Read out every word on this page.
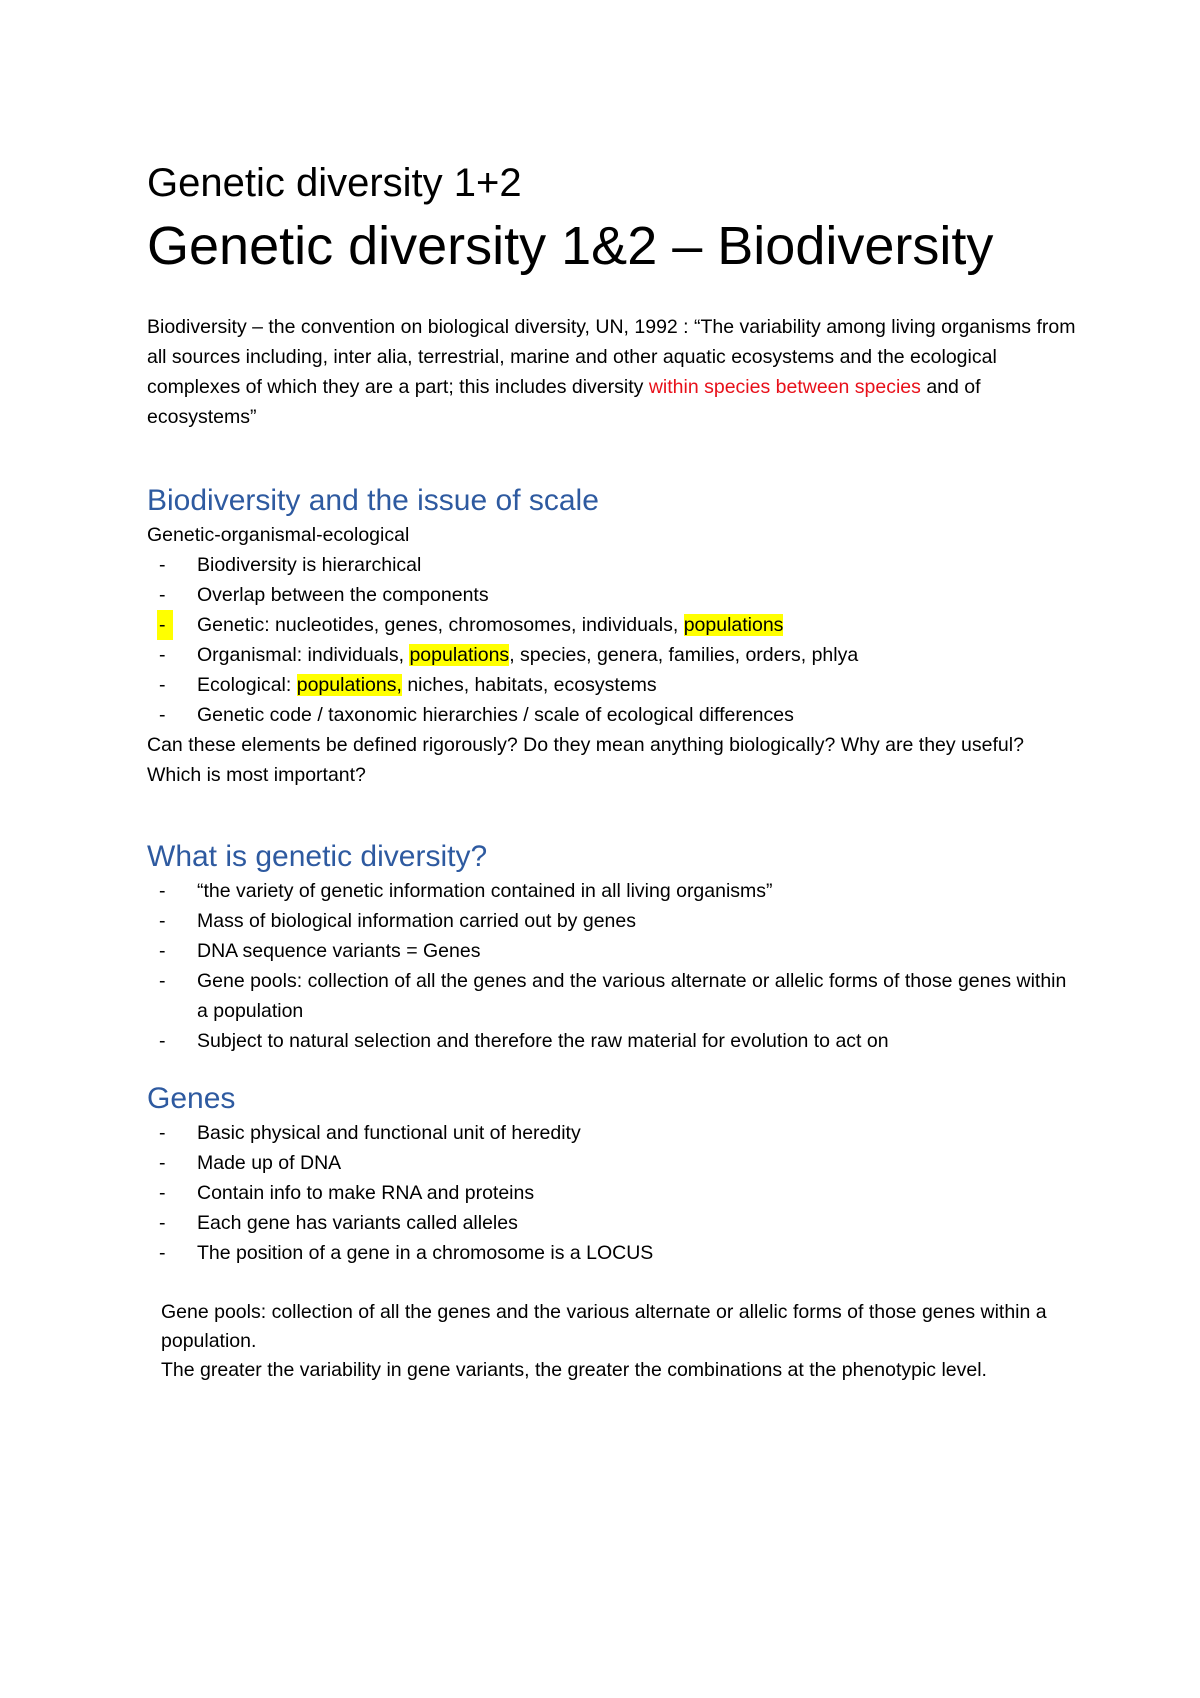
Genetic diversity 1+2
Genetic diversity 1&2 – Biodiversity

Biodiversity – the convention on biological diversity, UN, 1992 : “The variability among living organisms from all sources including, inter alia, terrestrial, marine and other aquatic ecosystems and the ecological complexes of which they are a part; this includes diversity within species between species and of ecosystems”

Biodiversity and the issue of scale

Genetic-organismal-ecological

- Biodiversity is hierarchical
- Overlap between the components
-	Genetic: nucleotides, genes, chromosomes, individuals, populations
- Organismal: individuals, populations, species, genera, families, orders, phlya
- Ecological: populations, niches, habitats, ecosystems
- Genetic code / taxonomic hierarchies / scale of ecological differences

Can these elements be defined rigorously? Do they mean anything biologically? Why are they useful? Which is most important?

What is genetic diversity?
- “the variety of genetic information contained in all living organisms”
- Mass of biological information carried out by genes
- DNA sequence variants = Genes
- Gene pools: collection of all the genes and the various alternate or allelic forms of those genes within a population
- Subject to natural selection and therefore the raw material for evolution to act on
Genes
- Basic physical and functional unit of heredity
- Made up of DNA
- Contain info to make RNA and proteins
- Each gene has variants called alleles
- The position of a gene in a chromosome is a LOCUS

Gene pools: collection of all the genes and the various alternate or allelic forms of those genes within a population.

The greater the variability in gene variants, the greater the combinations at the phenotypic level.
